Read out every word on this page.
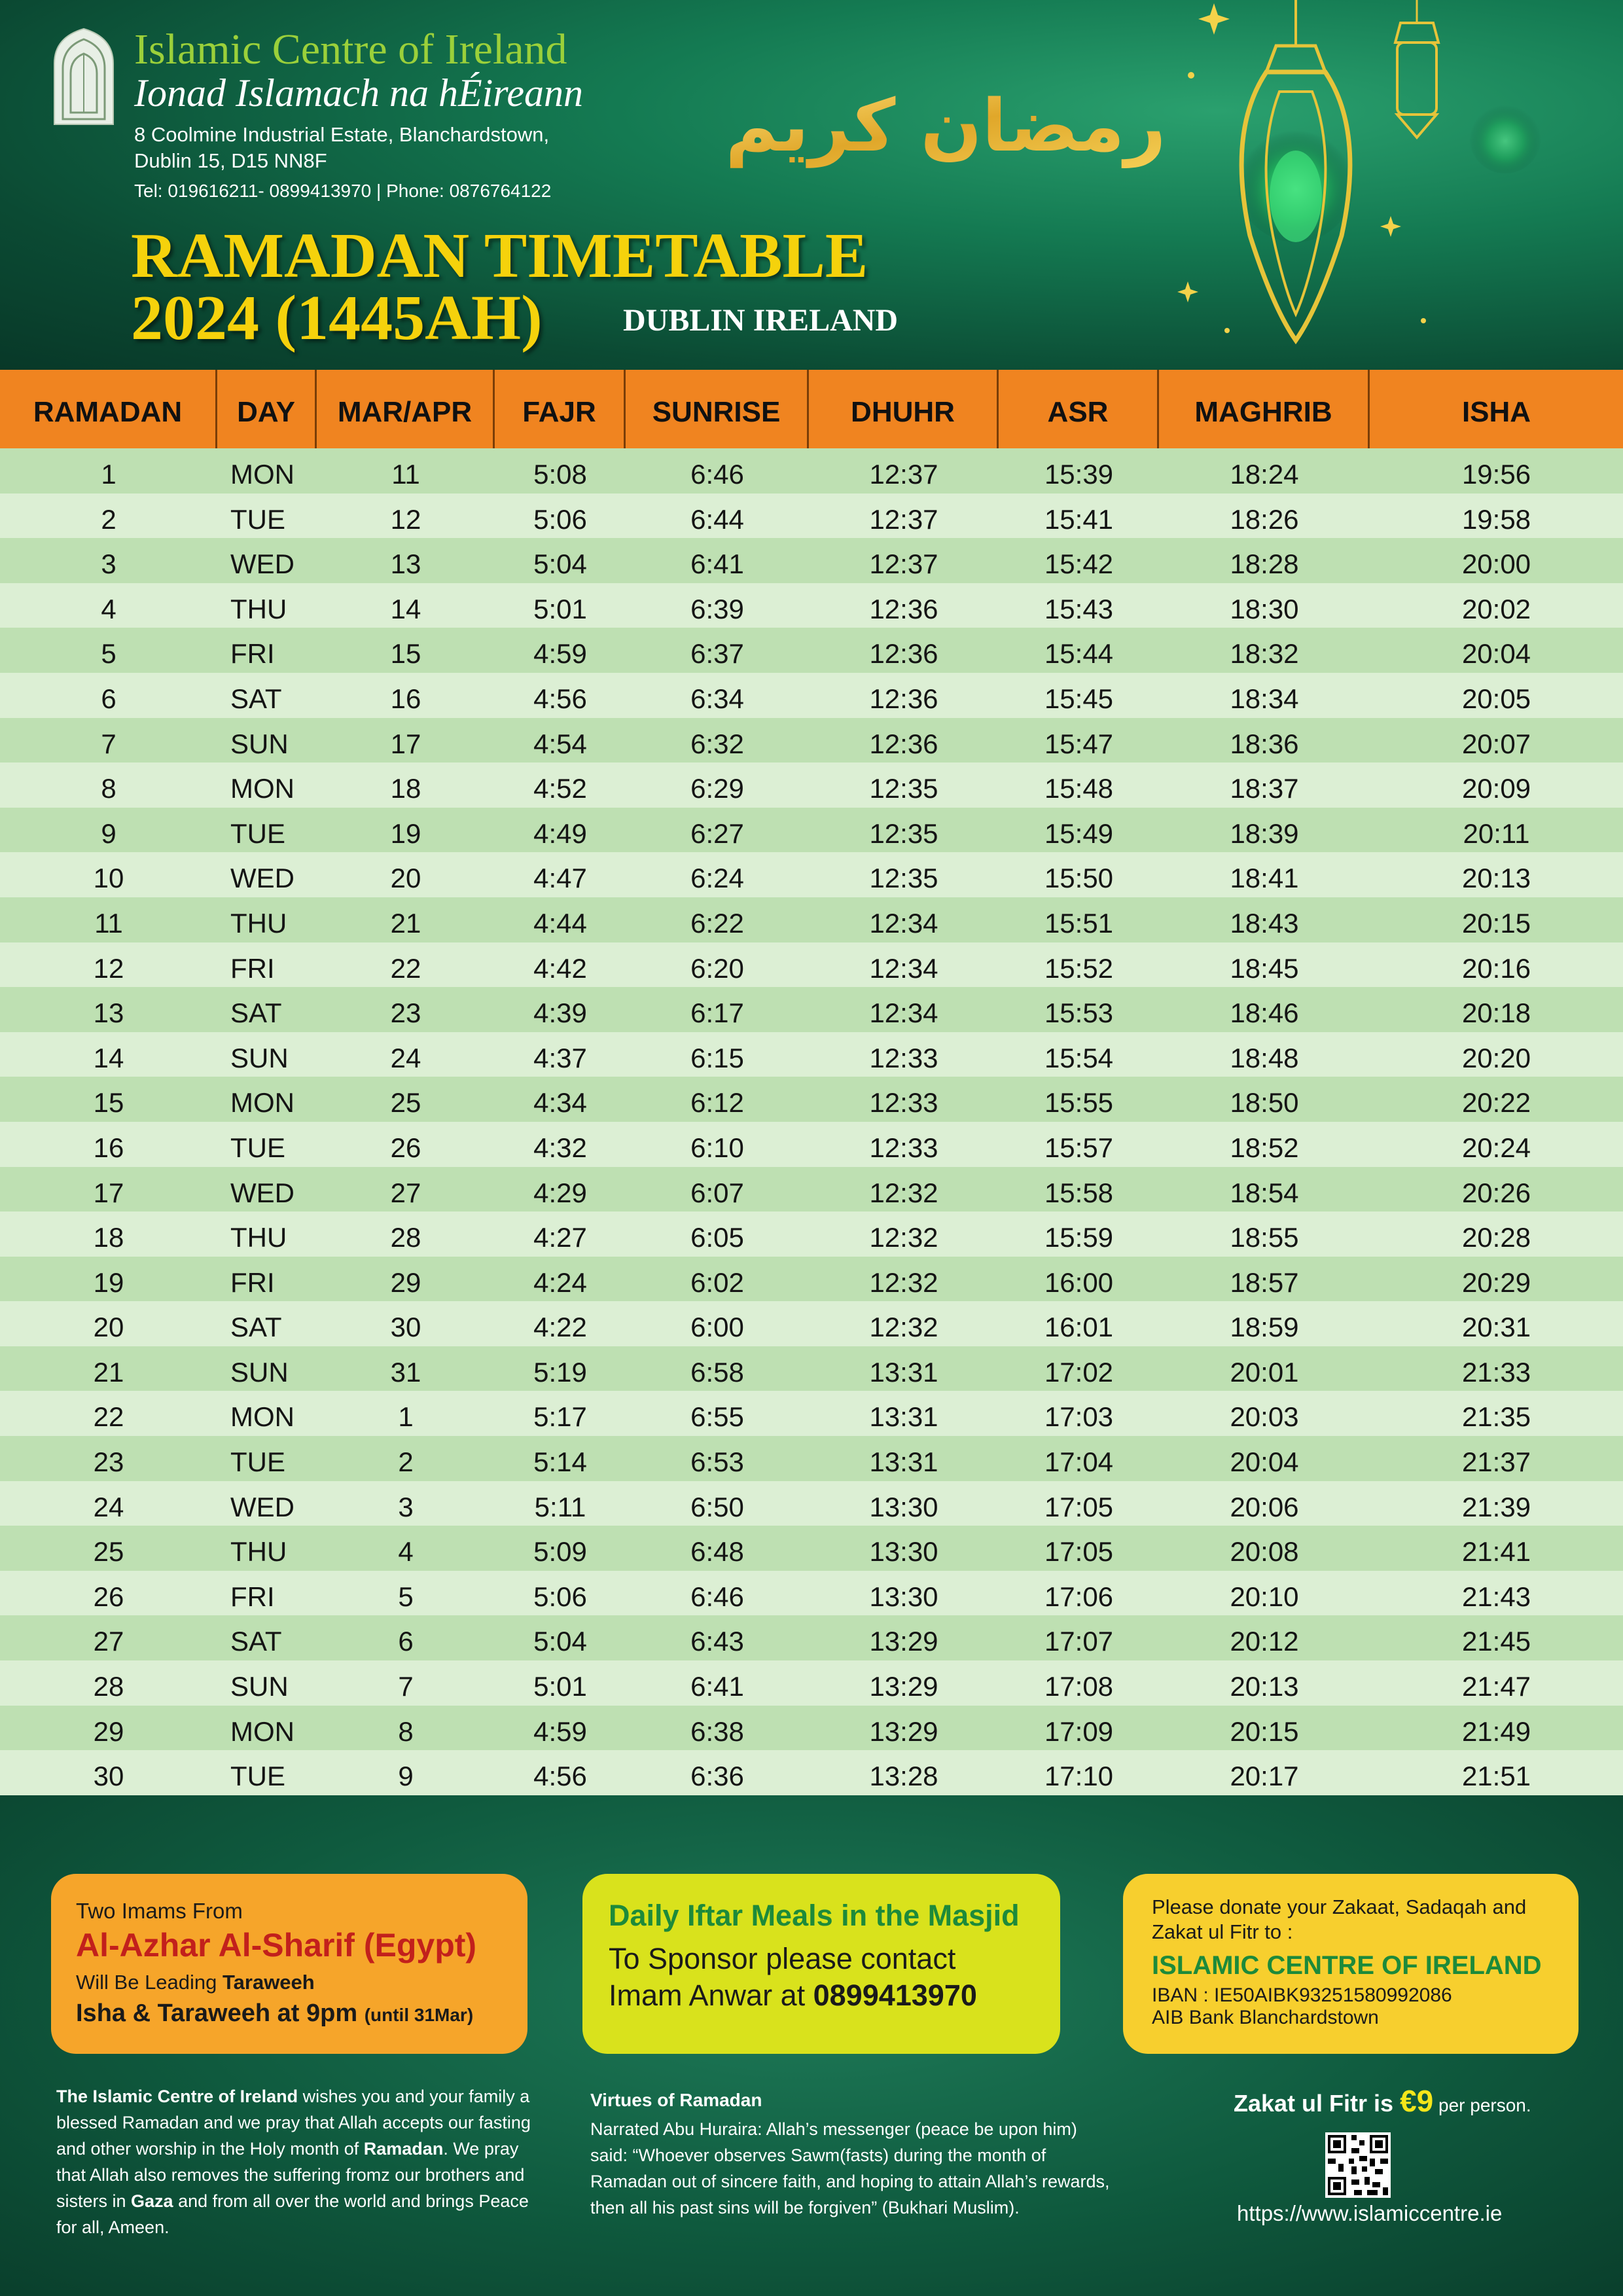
Islamic Centre of Ireland
Ionad Islamach na hÉireann
8 Coolmine Industrial Estate, Blanchardstown,
Dublin 15, D15 NN8F
Tel: 019616211- 0899413970 | Phone: 0876764122
RAMADAN TIMETABLE
2024 (1445AH)	DUBLIN IRELAND
رمضان كريم
RAMADAN	DAY	MAR/APR	FAJR	SUNRISE	DHUHR	ASR	MAGHRIB	ISHA
1	MON	11	5:08	6:46	12:37	15:39	18:24	19:56
2	TUE	12	5:06	6:44	12:37	15:41	18:26	19:58
3	WED	13	5:04	6:41	12:37	15:42	18:28	20:00
4	THU	14	5:01	6:39	12:36	15:43	18:30	20:02
5	FRI	15	4:59	6:37	12:36	15:44	18:32	20:04
6	SAT	16	4:56	6:34	12:36	15:45	18:34	20:05
7	SUN	17	4:54	6:32	12:36	15:47	18:36	20:07
8	MON	18	4:52	6:29	12:35	15:48	18:37	20:09
9	TUE	19	4:49	6:27	12:35	15:49	18:39	20:11
10	WED	20	4:47	6:24	12:35	15:50	18:41	20:13
11	THU	21	4:44	6:22	12:34	15:51	18:43	20:15
12	FRI	22	4:42	6:20	12:34	15:52	18:45	20:16
13	SAT	23	4:39	6:17	12:34	15:53	18:46	20:18
14	SUN	24	4:37	6:15	12:33	15:54	18:48	20:20
15	MON	25	4:34	6:12	12:33	15:55	18:50	20:22
16	TUE	26	4:32	6:10	12:33	15:57	18:52	20:24
17	WED	27	4:29	6:07	12:32	15:58	18:54	20:26
18	THU	28	4:27	6:05	12:32	15:59	18:55	20:28
19	FRI	29	4:24	6:02	12:32	16:00	18:57	20:29
20	SAT	30	4:22	6:00	12:32	16:01	18:59	20:31
21	SUN	31	5:19	6:58	13:31	17:02	20:01	21:33
22	MON	1	5:17	6:55	13:31	17:03	20:03	21:35
23	TUE	2	5:14	6:53	13:31	17:04	20:04	21:37
24	WED	3	5:11	6:50	13:30	17:05	20:06	21:39
25	THU	4	5:09	6:48	13:30	17:05	20:08	21:41
26	FRI	5	5:06	6:46	13:30	17:06	20:10	21:43
27	SAT	6	5:04	6:43	13:29	17:07	20:12	21:45
28	SUN	7	5:01	6:41	13:29	17:08	20:13	21:47
29	MON	8	4:59	6:38	13:29	17:09	20:15	21:49
30	TUE	9	4:56	6:36	13:28	17:10	20:17	21:51
Two Imams From
Al-Azhar Al-Sharif (Egypt)
Will Be Leading Taraweeh
Isha & Taraweeh at 9pm (until 31Mar)
Daily Iftar Meals in the Masjid
To Sponsor please contact
Imam Anwar at 0899413970
Please donate your Zakaat, Sadaqah and Zakat ul Fitr to :
ISLAMIC CENTRE OF IRELAND
IBAN : IE50AIBK93251580992086
AIB Bank Blanchardstown
The Islamic Centre of Ireland wishes you and your family a blessed Ramadan and we pray that Allah accepts our fasting and other worship in the Holy month of Ramadan. We pray that Allah also removes the suffering fromz our brothers and sisters in Gaza and from all over the world and brings Peace for all, Ameen.
Virtues of Ramadan
Narrated Abu Huraira: Allah’s messenger (peace be upon him) said: “Whoever observes Sawm(fasts) during the month of Ramadan out of sincere faith, and hoping to attain Allah’s rewards, then all his past sins will be forgiven” (Bukhari Muslim).
Zakat ul Fitr is €9 per person.
https://www.islamiccentre.ie
